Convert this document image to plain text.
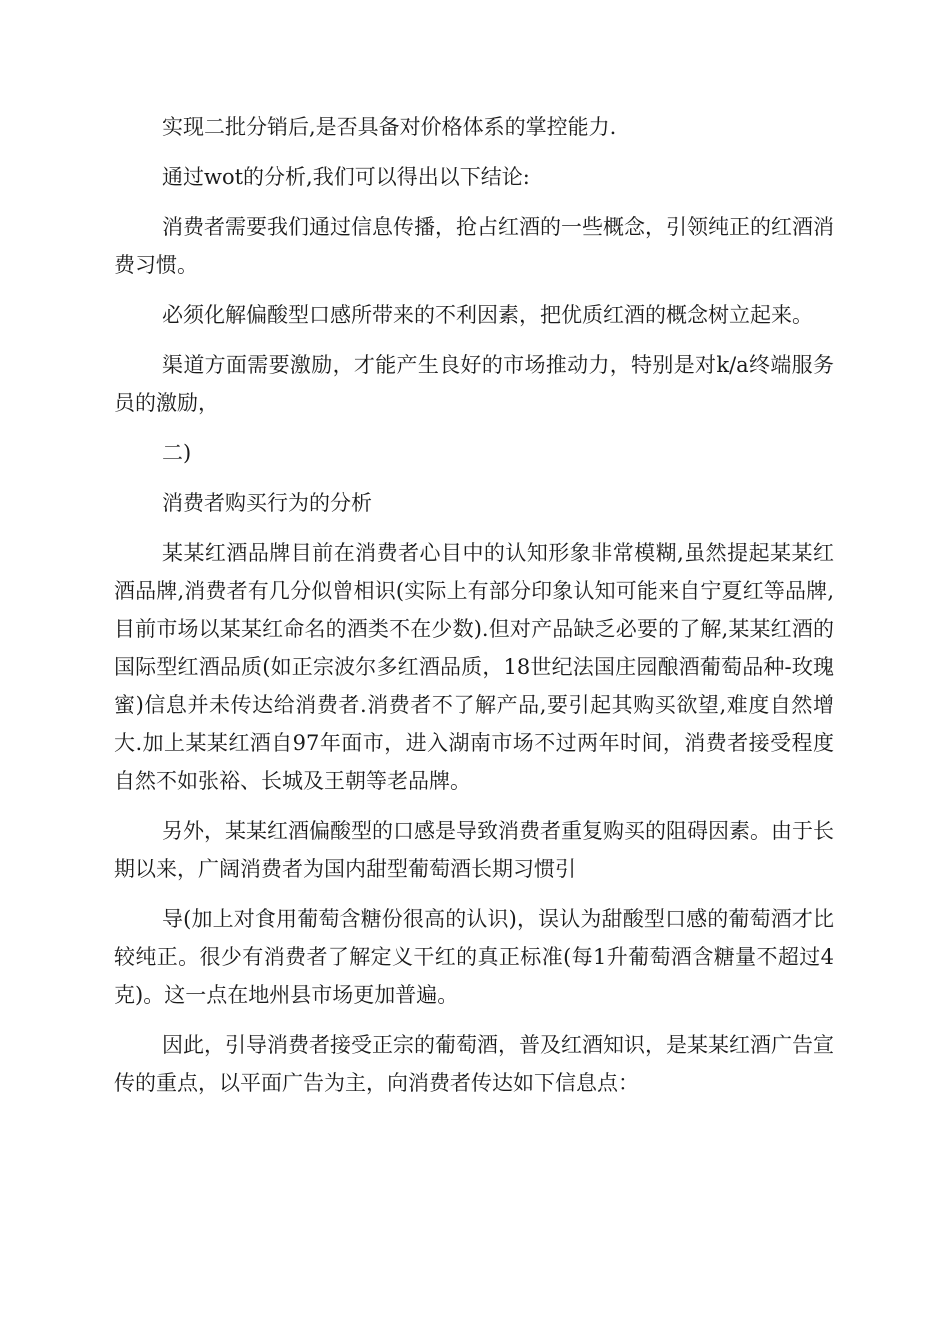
实现二批分销后,是否具备对价格体系的掌控能力.

通过wot的分析,我们可以得出以下结论:

消费者需要我们通过信息传播，抢占红酒的一些概念，引领纯正的红酒消费习惯。

必须化解偏酸型口感所带来的不利因素，把优质红酒的概念树立起来。

渠道方面需要激励，才能产生良好的市场推动力，特别是对k/a终端服务员的激励，

二)

消费者购买行为的分析

某某红酒品牌目前在消费者心目中的认知形象非常模糊,虽然提起某某红酒品牌,消费者有几分似曾相识(实际上有部分印象认知可能来自宁夏红等品牌,目前市场以某某红命名的酒类不在少数).但对产品缺乏必要的了解,某某红酒的国际型红酒品质(如正宗波尔多红酒品质，18世纪法国庄园酿酒葡萄品种-玫瑰蜜)信息并未传达给消费者.消费者不了解产品,要引起其购买欲望,难度自然增大.加上某某红酒自97年面市，进入湖南市场不过两年时间，消费者接受程度自然不如张裕、长城及王朝等老品牌。

另外，某某红酒偏酸型的口感是导致消费者重复购买的阻碍因素。由于长期以来，广阔消费者为国内甜型葡萄酒长期习惯引

导(加上对食用葡萄含糖份很高的认识)，误认为甜酸型口感的葡萄酒才比较纯正。很少有消费者了解定义干红的真正标准(每1升葡萄酒含糖量不超过4克)。这一点在地州县市场更加普遍。

因此，引导消费者接受正宗的葡萄酒，普及红酒知识，是某某红酒广告宣传的重点，以平面广告为主，向消费者传达如下信息点：
